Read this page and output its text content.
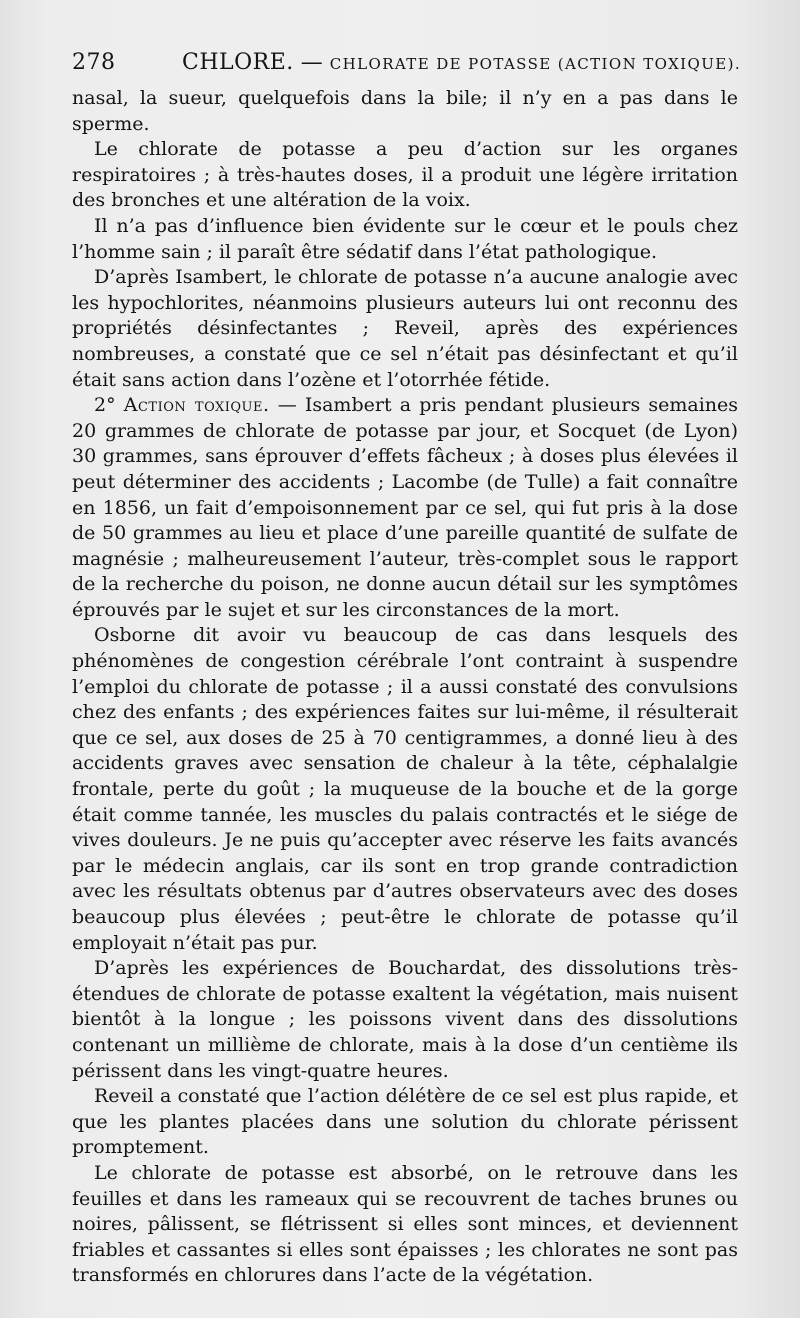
278	CHLORE. — CHLORATE DE POTASSE (ACTION TOXIQUE).

nasal, la sueur, quelquefois dans la bile; il n’y en a pas dans le sperme.

Le chlorate de potasse a peu d’action sur les organes respiratoires ; à très-hautes doses, il a produit une légère irritation des bronches et une altération de la voix.

Il n’a pas d’influence bien évidente sur le cœur et le pouls chez l’homme sain ; il paraît être sédatif dans l’état pathologique.

D’après Isambert, le chlorate de potasse n’a aucune analogie avec les hypochlorites, néanmoins plusieurs auteurs lui ont reconnu des propriétés désinfectantes ; Reveil, après des expériences nombreuses, a constaté que ce sel n’était pas désinfectant et qu’il était sans action dans l’ozène et l’otorrhée fétide.

2° Action toxique. — Isambert a pris pendant plusieurs semaines 20 grammes de chlorate de potasse par jour, et Socquet (de Lyon) 30 grammes, sans éprouver d’effets fâcheux ; à doses plus élevées il peut déterminer des accidents ; Lacombe (de Tulle) a fait connaître en 1856, un fait d’empoisonnement par ce sel, qui fut pris à la dose de 50 grammes au lieu et place d’une pareille quantité de sulfate de magnésie ; malheureusement l’auteur, très-complet sous le rapport de la recherche du poison, ne donne aucun détail sur les symptômes éprouvés par le sujet et sur les circonstances de la mort.

Osborne dit avoir vu beaucoup de cas dans lesquels des phénomènes de congestion cérébrale l’ont contraint à suspendre l’emploi du chlorate de potasse ; il a aussi constaté des convulsions chez des enfants ; des expériences faites sur lui-même, il résulterait que ce sel, aux doses de 25 à 70 centigrammes, a donné lieu à des accidents graves avec sensation de chaleur à la tête, céphalalgie frontale, perte du goût ; la muqueuse de la bouche et de la gorge était comme tannée, les muscles du palais contractés et le siége de vives douleurs. Je ne puis qu’accepter avec réserve les faits avancés par le médecin anglais, car ils sont en trop grande contradiction avec les résultats obtenus par d’autres observateurs avec des doses beaucoup plus élevées ; peut-être le chlorate de potasse qu’il employait n’était pas pur.

D’après les expériences de Bouchardat, des dissolutions très-étendues de chlorate de potasse exaltent la végétation, mais nuisent bientôt à la longue ; les poissons vivent dans des dissolutions contenant un millième de chlorate, mais à la dose d’un centième ils périssent dans les vingt-quatre heures.

Reveil a constaté que l’action délétère de ce sel est plus rapide, et que les plantes placées dans une solution du chlorate périssent promptement.

Le chlorate de potasse est absorbé, on le retrouve dans les feuilles et dans les rameaux qui se recouvrent de taches brunes ou noires, pâlissent, se flétrissent si elles sont minces, et deviennent friables et cassantes si elles sont épaisses ; les chlorates ne sont pas transformés en chlorures dans l’acte de la végétation.
